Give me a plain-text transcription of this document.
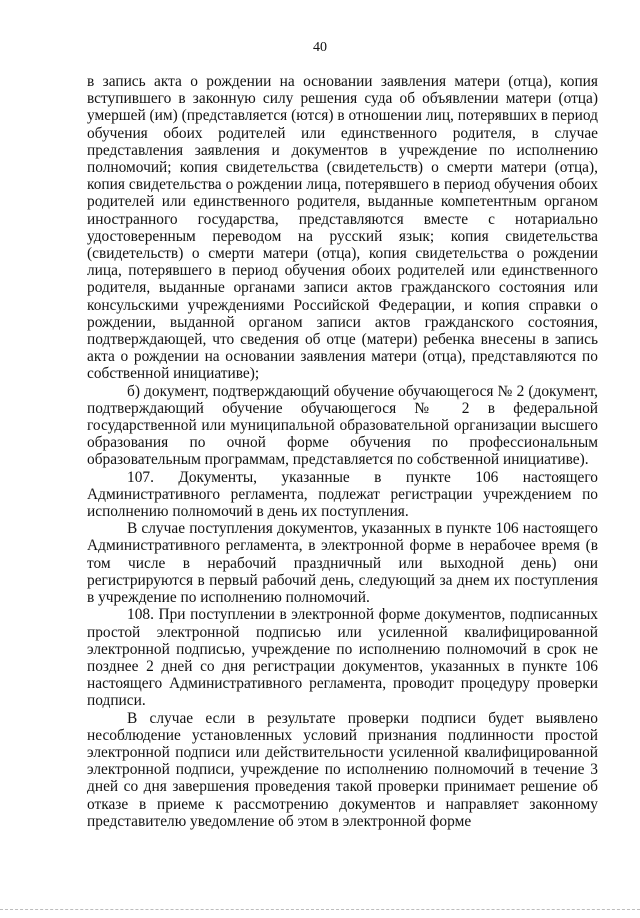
40

в запись акта о рождении на основании заявления матери (отца), копия вступившего в законную силу решения суда об объявлении матери (отца) умершей (им) (представляется (ются) в отношении лиц, потерявших в период обучения обоих родителей или единственного родителя, в случае представления заявления и документов в учреждение по исполнению полномочий; копия свидетельства (свидетельств) о смерти матери (отца), копия свидетельства о рождении лица, потерявшего в период обучения обоих родителей или единственного родителя, выданные компетентным органом иностранного государства, представляются вместе с нотариально удостоверенным переводом на русский язык; копия свидетельства (свидетельств) о смерти матери (отца), копия свидетельства о рождении лица, потерявшего в период обучения обоих родителей или единственного родителя, выданные органами записи актов гражданского состояния или консульскими учреждениями Российской Федерации, и копия справки о рождении, выданной органом записи актов гражданского состояния, подтверждающей, что сведения об отце (матери) ребенка внесены в запись акта о рождении на основании заявления матери (отца), представляются по собственной инициативе);

б) документ, подтверждающий обучение обучающегося № 2 (документ, подтверждающий обучение обучающегося № 2 в федеральной государственной или муниципальной образовательной организации высшего образования по очной форме обучения по профессиональным образовательным программам, представляется по собственной инициативе).

107. Документы, указанные в пункте 106 настоящего Административного регламента, подлежат регистрации учреждением по исполнению полномочий в день их поступления.

В случае поступления документов, указанных в пункте 106 настоящего Административного регламента, в электронной форме в нерабочее время (в том числе в нерабочий праздничный или выходной день) они регистрируются в первый рабочий день, следующий за днем их поступления в учреждение по исполнению полномочий.

108. При поступлении в электронной форме документов, подписанных простой электронной подписью или усиленной квалифицированной электронной подписью, учреждение по исполнению полномочий в срок не позднее 2 дней со дня регистрации документов, указанных в пункте 106 настоящего Административного регламента, проводит процедуру проверки подписи.

В случае если в результате проверки подписи будет выявлено несоблюдение установленных условий признания подлинности простой электронной подписи или действительности усиленной квалифицированной электронной подписи, учреждение по исполнению полномочий в течение 3 дней со дня завершения проведения такой проверки принимает решение об отказе в приеме к рассмотрению документов и направляет законному представителю уведомление об этом в электронной форме
